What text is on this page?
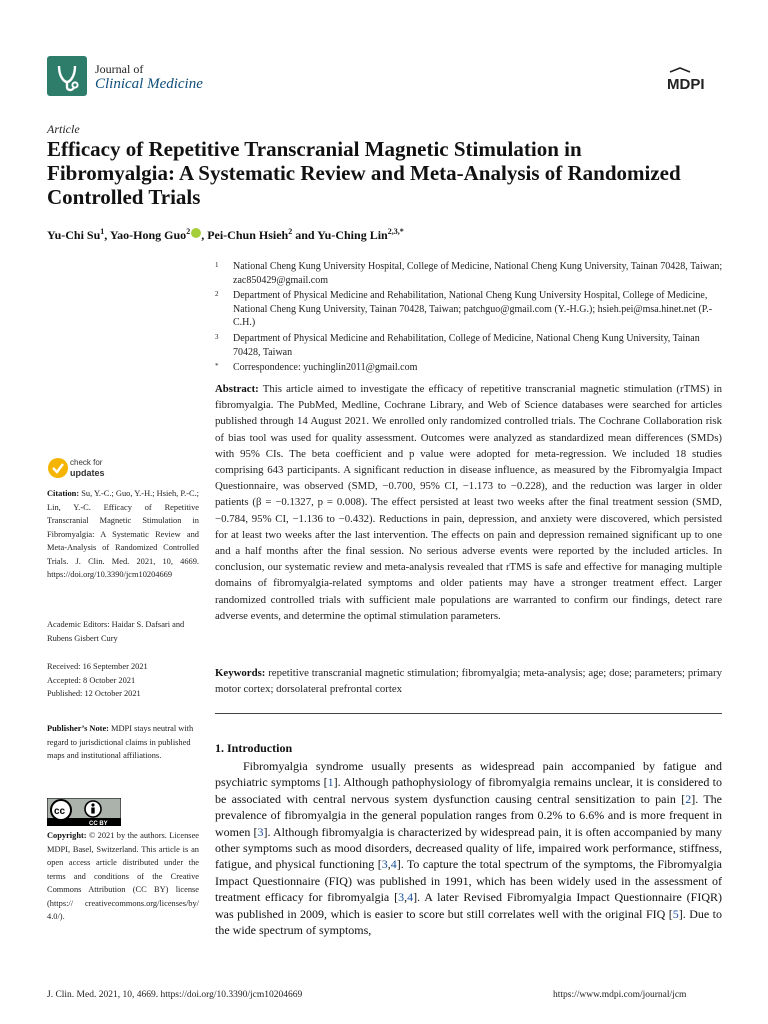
Journal of
Clinical Medicine	MDPI
Article
Efficacy of Repetitive Transcranial Magnetic Stimulation in Fibromyalgia: A Systematic Review and Meta-Analysis of Randomized Controlled Trials
Yu-Chi Su$^1$, Yao-Hong Guo$^2$ , Pei-Chun Hsieh$^2$ and Yu-Ching Lin$^{2,3,*}$
1	National Cheng Kung University Hospital, College of Medicine, National Cheng Kung University, Tainan 70428, Taiwan; zac850429@gmail.com
2	Department of Physical Medicine and Rehabilitation, National Cheng Kung University Hospital, College of Medicine, National Cheng Kung University, Tainan 70428, Taiwan; patchguo@gmail.com (Y.-H.G.); hsieh.pei@msa.hinet.net (P.-C.H.)
3	Department of Physical Medicine and Rehabilitation, College of Medicine, National Cheng Kung University, Tainan 70428, Taiwan
*	Correspondence: yuchinglin2011@gmail.com
Abstract: This article aimed to investigate the efficacy of repetitive transcranial magnetic stimulation (rTMS) in fibromyalgia. The PubMed, Medline, Cochrane Library, and Web of Science databases were searched for articles published through 14 August 2021. We enrolled only randomized controlled trials. The Cochrane Collaboration risk of bias tool was used for quality assessment. Outcomes were analyzed as standardized mean differences (SMDs) with 95% CIs. The beta coefficient and p value were adopted for meta-regression. We included 18 studies comprising 643 participants. A significant reduction in disease influence, as measured by the Fibromyalgia Impact Questionnaire, was observed (SMD, −0.700, 95% CI, −1.173 to −0.228), and the reduction was larger in older patients (β = −0.1327, p = 0.008). The effect persisted at least two weeks after the final treatment session (SMD, −0.784, 95% CI, −1.136 to −0.432). Reductions in pain, depression, and anxiety were discovered, which persisted for at least two weeks after the last intervention. The effects on pain and depression remained significant up to one and a half months after the final session. No serious adverse events were reported by the included articles. In conclusion, our systematic review and meta-analysis revealed that rTMS is safe and effective for managing multiple domains of fibromyalgia-related symptoms and older patients may have a stronger treatment effect. Larger randomized controlled trials with sufficient male populations are warranted to confirm our findings, detect rare adverse events, and determine the optimal stimulation parameters.
Keywords: repetitive transcranial magnetic stimulation; fibromyalgia; meta-analysis; age; dose; parameters; primary motor cortex; dorsolateral prefrontal cortex
1. Introduction
Fibromyalgia syndrome usually presents as widespread pain accompanied by fatigue and psychiatric symptoms [1]. Although pathophysiology of fibromyalgia remains unclear, it is considered to be associated with central nervous system dysfunction causing central sensitization to pain [2]. The prevalence of fibromyalgia in the general population ranges from 0.2% to 6.6% and is more frequent in women [3]. Although fibromyalgia is characterized by widespread pain, it is often accompanied by many other symptoms such as mood disorders, decreased quality of life, impaired work performance, stiffness, fatigue, and physical functioning [3,4]. To capture the total spectrum of the symptoms, the Fibromyalgia Impact Questionnaire (FIQ) was published in 1991, which has been widely used in the assessment of treatment efficacy for fibromyalgia [3,4]. A later Revised Fibromyalgia Impact Questionnaire (FIQR) was published in 2009, which is easier to score but still correlates well with the original FIQ [5]. Due to the wide spectrum of symptoms,
check for
updates
Citation: Su, Y.-C.; Guo, Y.-H.; Hsieh, P.-C.; Lin, Y.-C. Efficacy of Repetitive Transcranial Magnetic Stimulation in Fibromyalgia: A Systematic Review and Meta-Analysis of Randomized Controlled Trials. J. Clin. Med. 2021, 10, 4669. https://doi.org/10.3390/jcm10204669
Academic Editors: Haidar S. Dafsari and Rubens Gisbert Cury
Received: 16 September 2021
Accepted: 8 October 2021
Published: 12 October 2021
Publisher’s Note: MDPI stays neutral with regard to jurisdictional claims in published maps and institutional affiliations.
cc
CC BY
Copyright: © 2021 by the authors. Licensee MDPI, Basel, Switzerland. This article is an open access article distributed under the terms and conditions of the Creative Commons Attribution (CC BY) license (https:// creativecommons.org/licenses/by/ 4.0/).
J. Clin. Med. 2021, 10, 4669. https://doi.org/10.3390/jcm10204669	https://www.mdpi.com/journal/jcm
